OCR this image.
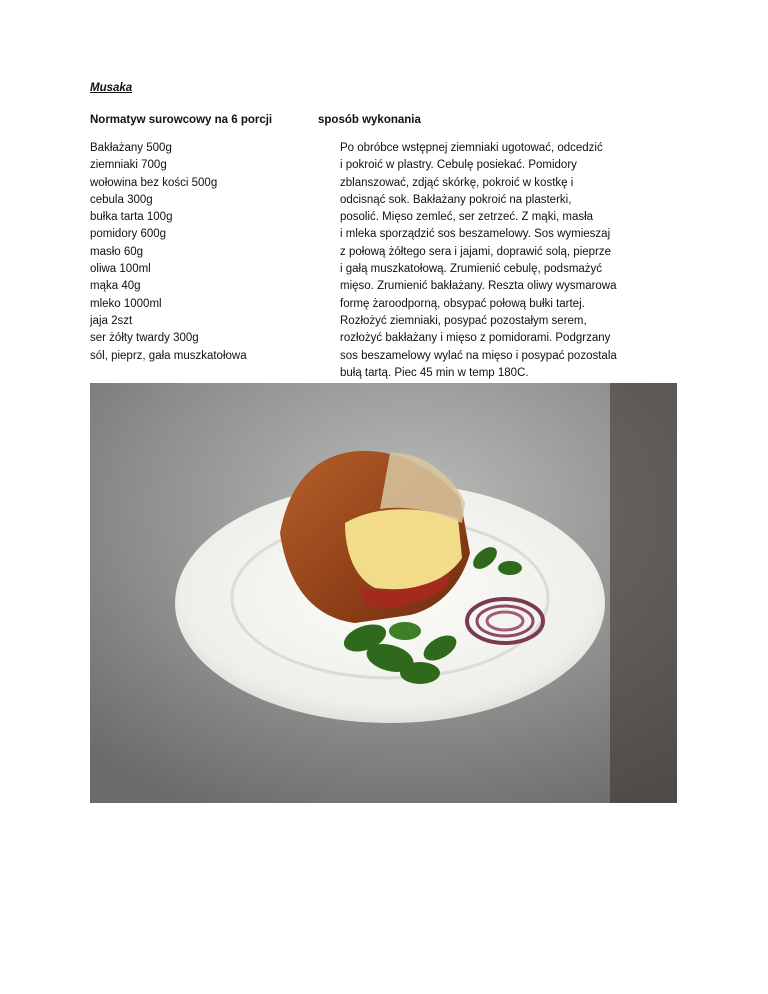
Musaka
Normatyw surowcowy na 6 porcji	sposób wykonania
Bakłażany 500g
ziemniaki 700g
wołowina bez kości 500g
cebula 300g
bułka tarta 100g
pomidory 600g
masło 60g
oliwa 100ml
mąka 40g
mleko 1000ml
jaja 2szt
ser żółty twardy 300g
sól, pieprz, gała muszkatołowa
Po obróbce wstępnej ziemniaki ugotować, odcedzić
i pokroić w plastry. Cebulę posiekać. Pomidory
zblanszować, zdjąć skórkę, pokroić w kostkę i
odcisnąć sok. Bakłażany pokroić na plasterki,
posolić. Mięso zemleć, ser zetrzeć. Z mąki, masła
i mleka sporządzić sos beszamelowy. Sos wymieszaj
z połową żółtego sera i jajami, doprawić solą, pieprze
i gałą muszkatołową. Zrumienić cebulę, podsmażyć
mięso. Zrumienić bakłażany. Reszta oliwy wysmarowa
formę żaroodporną, obsypać połową bułki tartej.
Rozłożyć ziemniaki, posypać pozostałym serem,
rozłożyć bakłażany i mięso z pomidorami. Podgrzany
sos beszamelowy wylać na mięso i posypać pozostala
bułą tartą. Piec 45 min w temp 180C.
